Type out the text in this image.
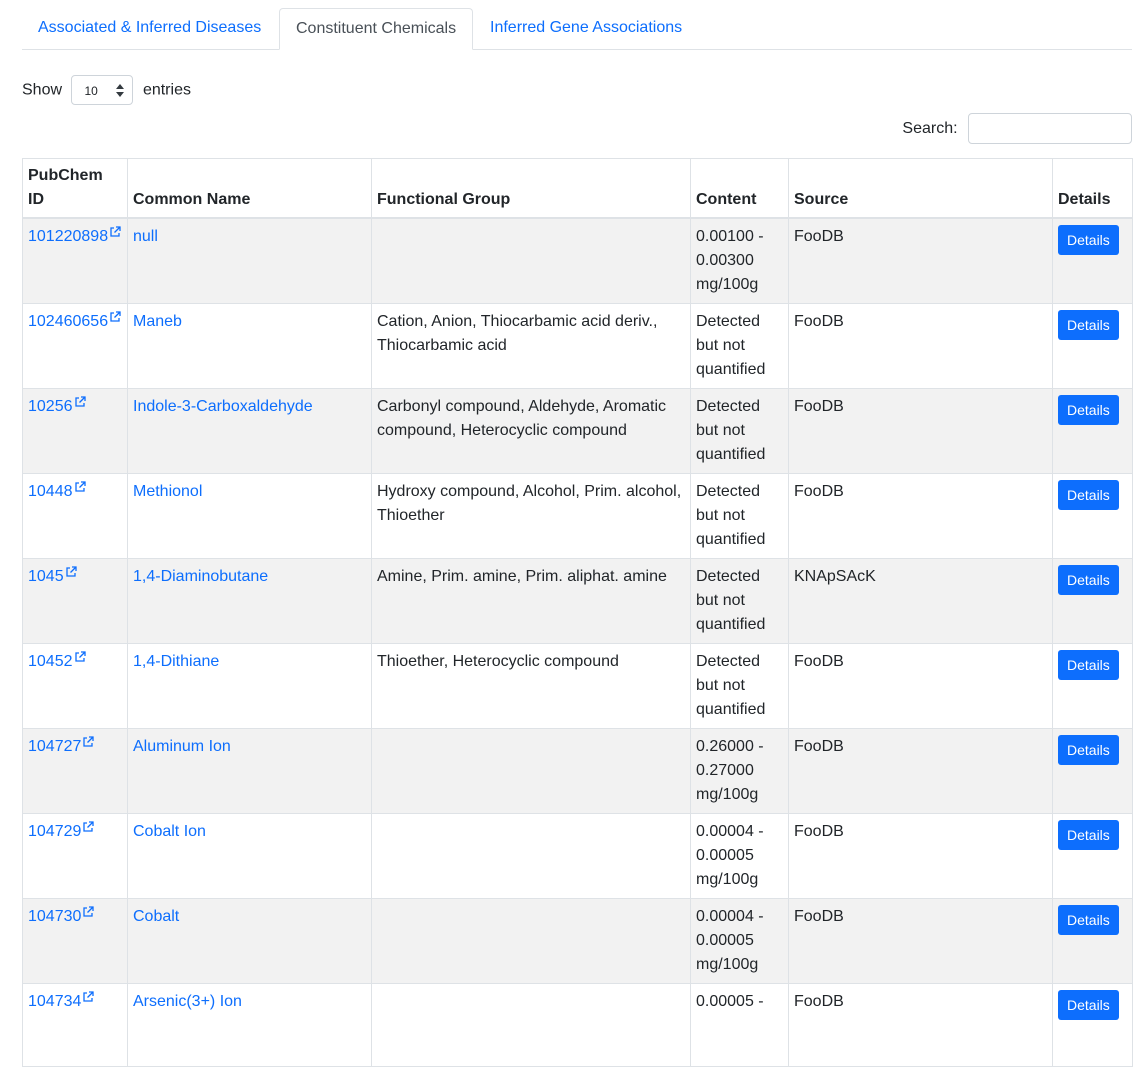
Associated & Inferred Diseases	Constituent Chemicals	Inferred Gene Associations
Show 10	entries
Search:
PubChem ID	Common Name	Functional Group	Content	Source	Details
101220898	null		0.00100 - 0.00300 mg/100g	FooDB	Details
102460656	Maneb	Cation, Anion, Thiocarbamic acid deriv., Thiocarbamic acid	Detected but not quantified	FooDB	Details
10256	Indole-3-Carboxaldehyde	Carbonyl compound, Aldehyde, Aromatic compound, Heterocyclic compound	Detected but not quantified	FooDB	Details
10448	Methionol	Hydroxy compound, Alcohol, Prim. alcohol, Thioether	Detected but not quantified	FooDB	Details
1045	1,4-Diaminobutane	Amine, Prim. amine, Prim. aliphat. amine	Detected but not quantified	KNApSAcK	Details
10452	1,4-Dithiane	Thioether, Heterocyclic compound	Detected but not quantified	FooDB	Details
104727	Aluminum Ion		0.26000 - 0.27000 mg/100g	FooDB	Details
104729	Cobalt Ion		0.00004 - 0.00005 mg/100g	FooDB	Details
104730	Cobalt		0.00004 - 0.00005 mg/100g	FooDB	Details
104734	Arsenic(3+) Ion		0.00005 -	FooDB	Details
